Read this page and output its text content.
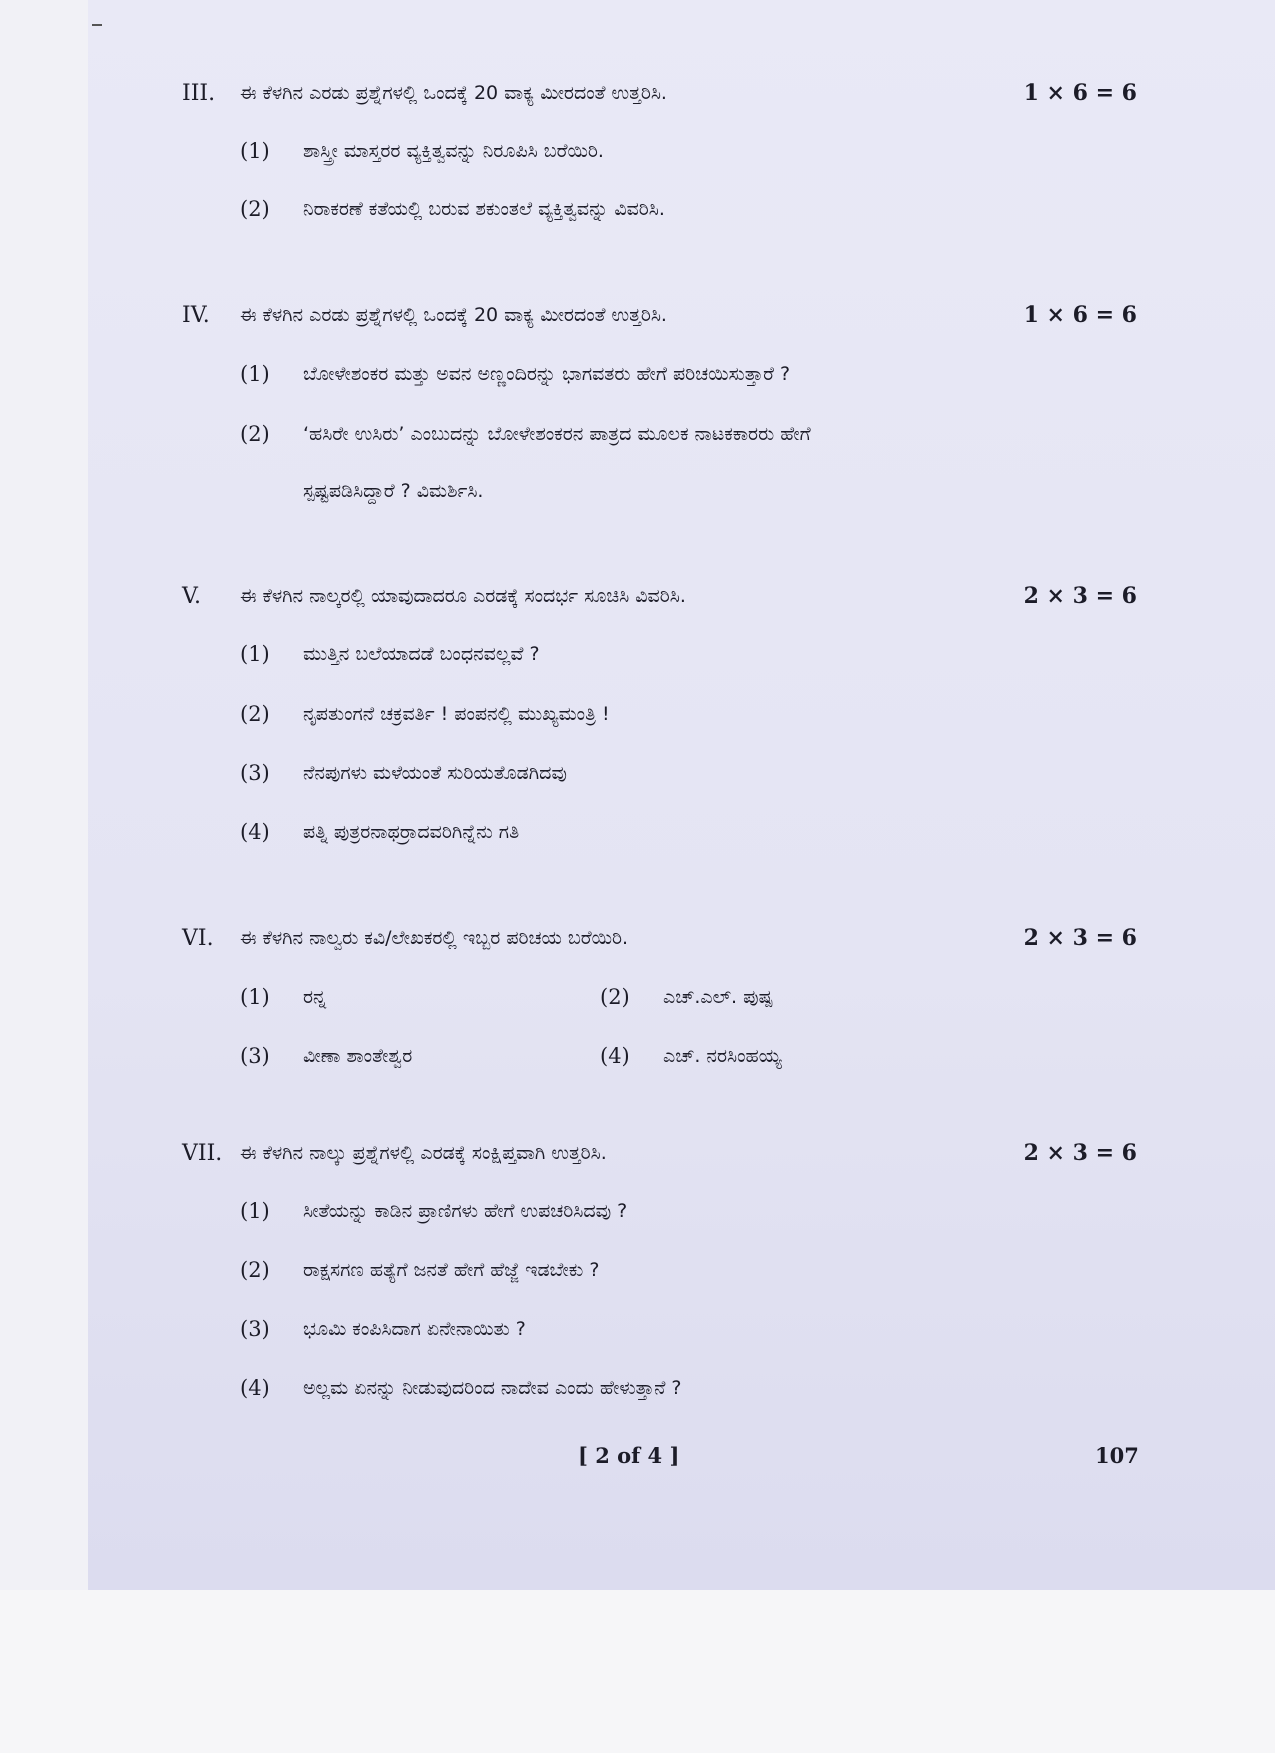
III.	ಈ ಕೆಳಗಿನ ಎರಡು ಪ್ರಶ್ನೆಗಳಲ್ಲಿ ಒಂದಕ್ಕೆ 20 ವಾಕ್ಯ ಮೀರದಂತೆ ಉತ್ತರಿಸಿ.	1 × 6 = 6
(1)	ಶಾಸ್ತ್ರೀ ಮಾಸ್ತರರ ವ್ಯಕ್ತಿತ್ವವನ್ನು ನಿರೂಪಿಸಿ ಬರೆಯಿರಿ.
(2)	ನಿರಾಕರಣೆ ಕತೆಯಲ್ಲಿ ಬರುವ ಶಕುಂತಲೆ ವ್ಯಕ್ತಿತ್ವವನ್ನು ವಿವರಿಸಿ.
IV.	ಈ ಕೆಳಗಿನ ಎರಡು ಪ್ರಶ್ನೆಗಳಲ್ಲಿ ಒಂದಕ್ಕೆ 20 ವಾಕ್ಯ ಮೀರದಂತೆ ಉತ್ತರಿಸಿ.	1 × 6 = 6
(1)	ಬೋಳೇಶಂಕರ ಮತ್ತು ಅವನ ಅಣ್ಣಂದಿರನ್ನು ಭಾಗವತರು ಹೇಗೆ ಪರಿಚಯಿಸುತ್ತಾರೆ ?
(2)	‘ಹಸಿರೇ ಉಸಿರು’ ಎಂಬುದನ್ನು ಬೋಳೇಶಂಕರನ ಪಾತ್ರದ ಮೂಲಕ ನಾಟಕಕಾರರು ಹೇಗೆ
ಸ್ಪಷ್ಟಪಡಿಸಿದ್ದಾರೆ ? ವಿಮರ್ಶಿಸಿ.
V.	ಈ ಕೆಳಗಿನ ನಾಲ್ಕರಲ್ಲಿ ಯಾವುದಾದರೂ ಎರಡಕ್ಕೆ ಸಂದರ್ಭ ಸೂಚಿಸಿ ವಿವರಿಸಿ.	2 × 3 = 6
(1)	ಮುತ್ತಿನ ಬಲೆಯಾದಡೆ ಬಂಧನವಲ್ಲವೆ ?
(2)	ನೃಪತುಂಗನೆ ಚಕ್ರವರ್ತಿ ! ಪಂಪನಲ್ಲಿ ಮುಖ್ಯಮಂತ್ರಿ !
(3)	ನೆನಪುಗಳು ಮಳೆಯಂತೆ ಸುರಿಯತೊಡಗಿದವು
(4)	ಪತ್ನಿ ಪುತ್ರರನಾಥರ್ರಾದವರಿಗಿನ್ನೆನು ಗತಿ
VI.	ಈ ಕೆಳಗಿನ ನಾಲ್ವರು ಕವಿ/ಲೇಖಕರಲ್ಲಿ ಇಬ್ಬರ ಪರಿಚಯ ಬರೆಯಿರಿ.	2 × 3 = 6
(1)	ರನ್ನ	(2)	ಎಚ್.ಎಲ್. ಪುಷ್ಪ
(3)	ವೀಣಾ ಶಾಂತೇಶ್ವರ	(4)	ಎಚ್. ನರಸಿಂಹಯ್ಯ
VII. ಈ ಕೆಳಗಿನ ನಾಲ್ಕು ಪ್ರಶ್ನೆಗಳಲ್ಲಿ ಎರಡಕ್ಕೆ ಸಂಕ್ಷಿಪ್ತವಾಗಿ ಉತ್ತರಿಸಿ.	2 × 3 = 6
(1)	ಸೀತೆಯನ್ನು ಕಾಡಿನ ಪ್ರಾಣಿಗಳು ಹೇಗೆ ಉಪಚರಿಸಿದವು ?
(2)	ರಾಕ್ಷಸಗಣ ಹತ್ಯೆಗೆ ಜನತೆ ಹೇಗೆ ಹೆಜ್ಜೆ ಇಡಬೇಕು ?
(3)	ಭೂಮಿ ಕಂಪಿಸಿದಾಗ ಏನೇನಾಯಿತು ?
(4)	ಅಲ್ಲಮ ಏನನ್ನು ನೀಡುವುದರಿಂದ ನಾದೇವ ಎಂದು ಹೇಳುತ್ತಾನೆ ?
[ 2 of 4 ]	107
